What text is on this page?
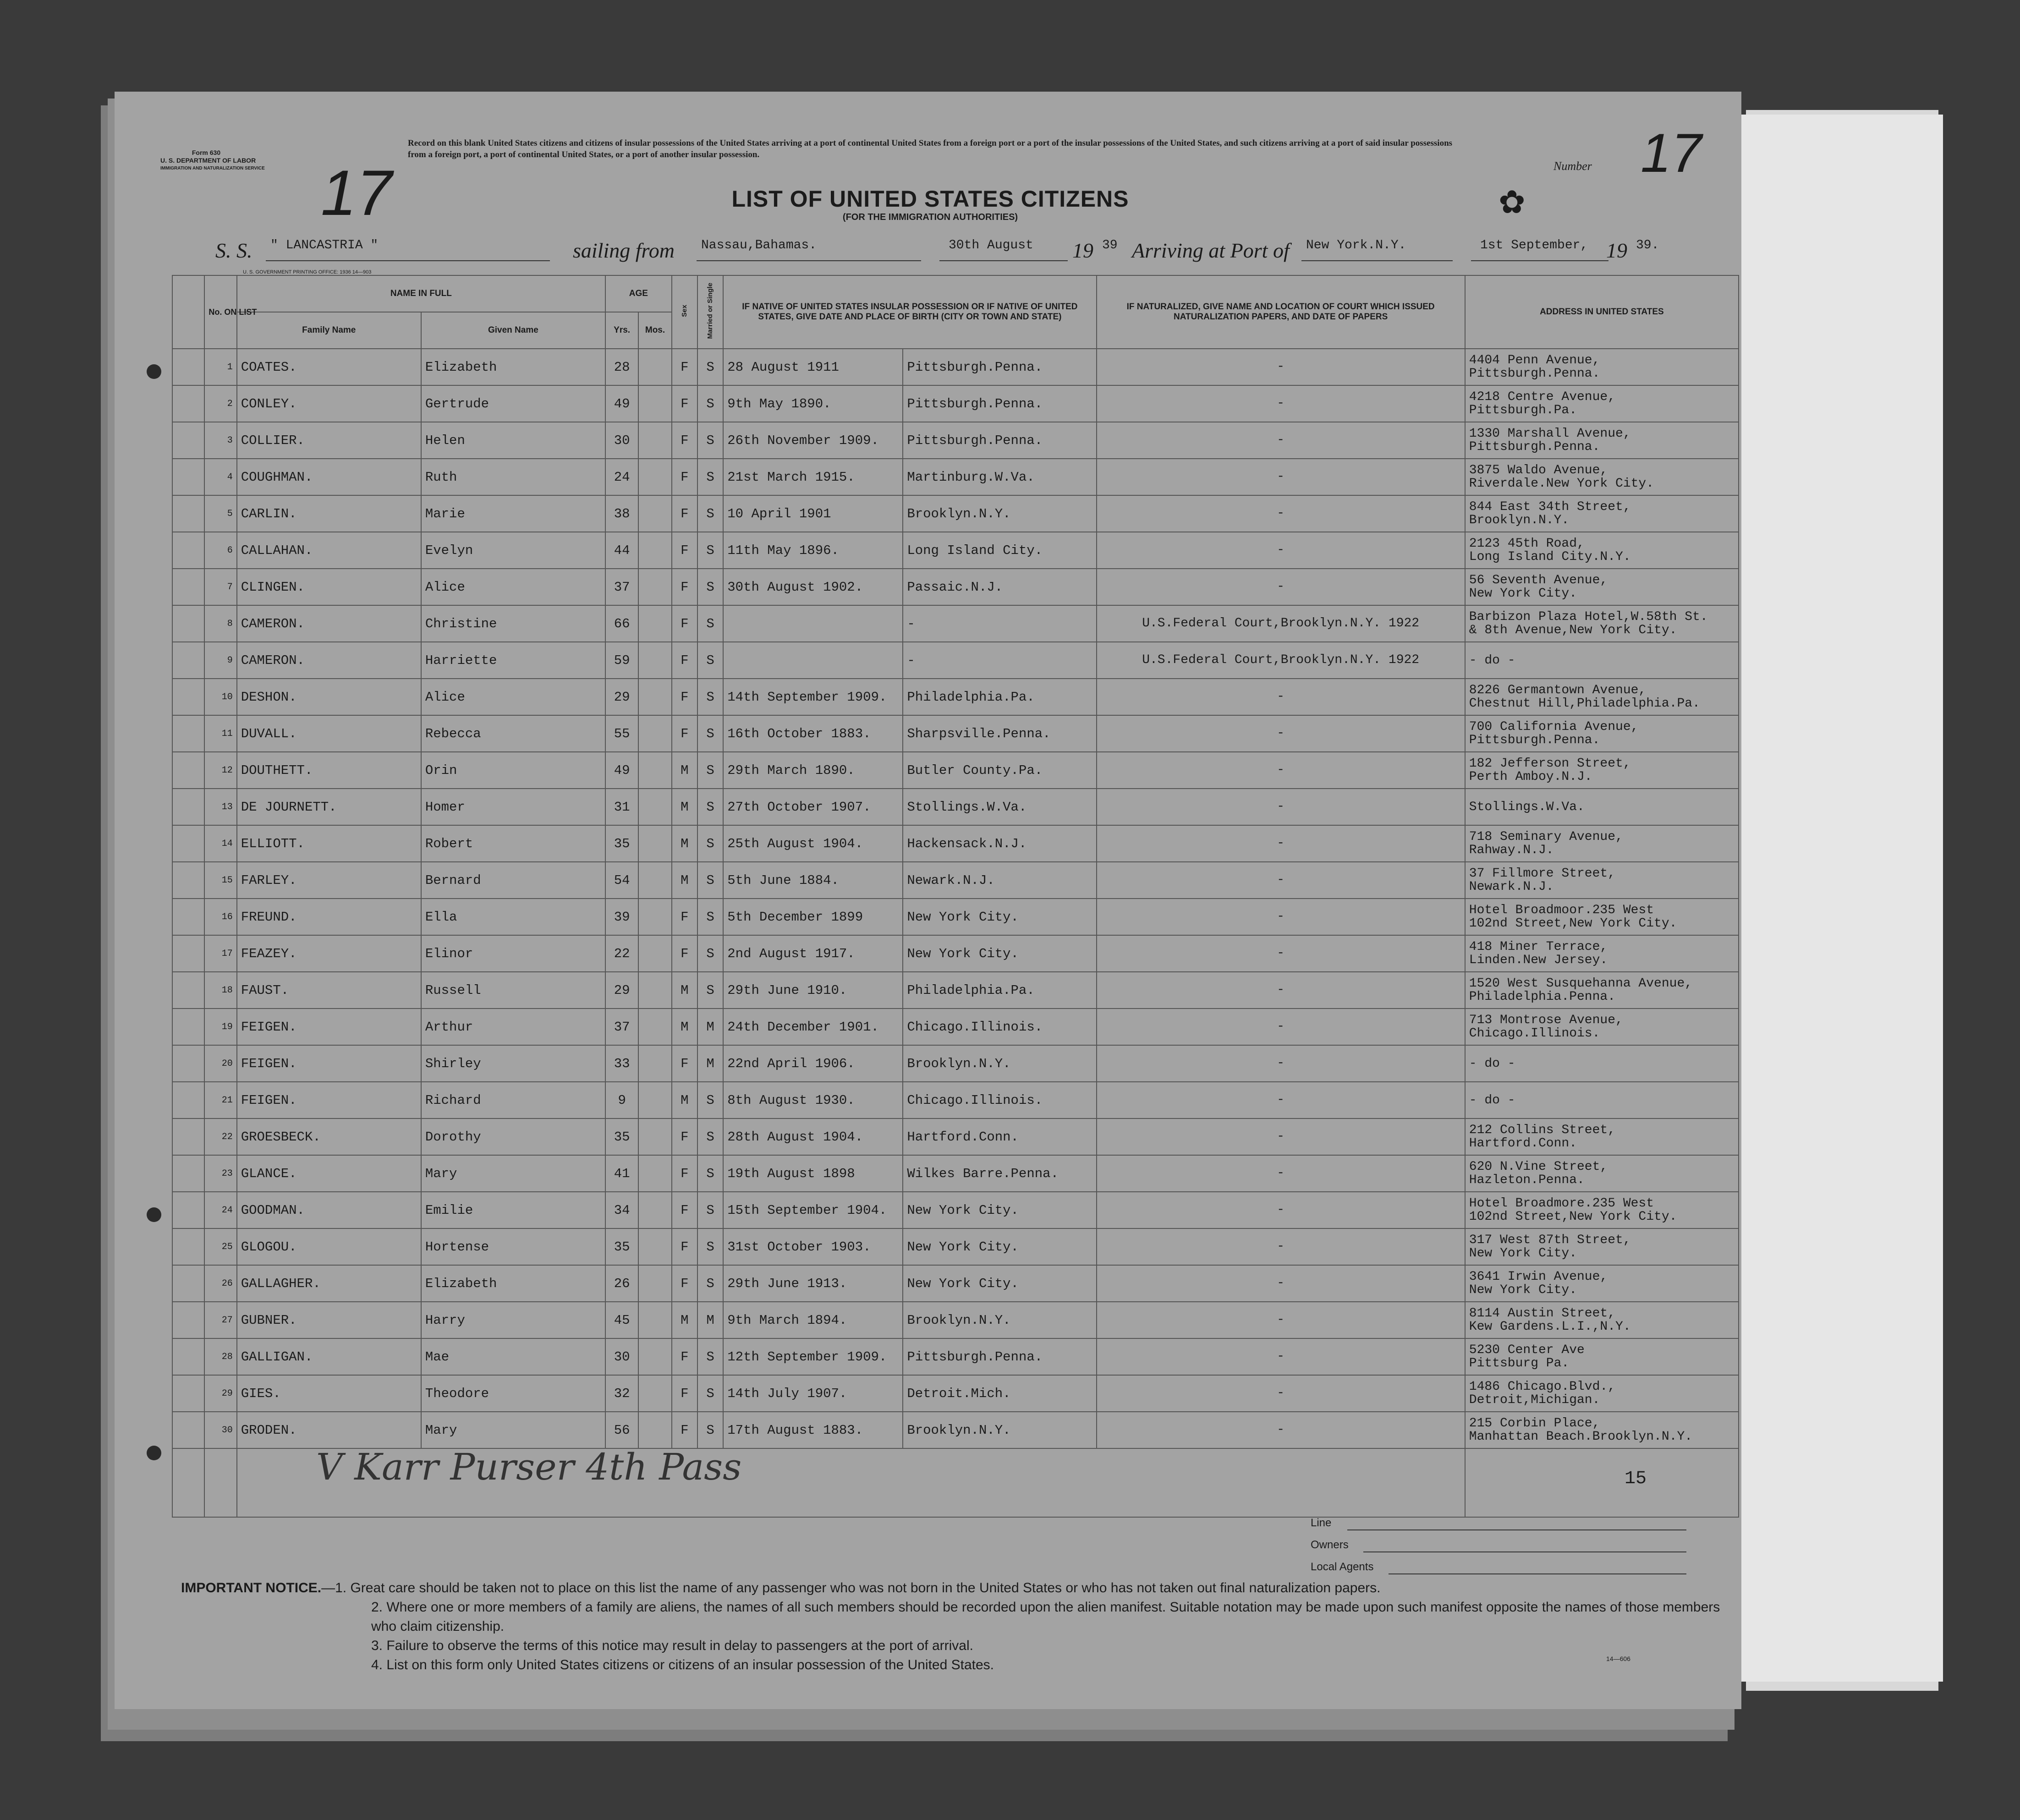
Form 630
U. S. DEPARTMENT OF LABOR
IMMIGRATION AND NATURALIZATION SERVICE
Record on this blank United States citizens and citizens of insular possessions of the United States arriving at a port of continental United States from a foreign port or a port of the insular possessions of the United States, and such citizens arriving at a port of said insular possessions from a foreign port, a port of continental United States, or a port of another insular possession.
17	Number 17
LIST OF UNITED STATES CITIZENS
(FOR THE IMMIGRATION AUTHORITIES)	✿
S. S. " LANCASTRIA "	sailing from Nassau,Bahamas.	30th August 19 39 Arriving at Port of New York.N.Y.	1st September, 19 39.
U. S. GOVERNMENT PRINTING OFFICE: 1936 14—903
	No. ON LIST	NAME IN FULL		AGE		Sex	Married or Single	IF NATIVE OF UNITED STATES INSULAR POSSESSION OR IF NATIVE OF UNITED STATES, GIVE DATE AND PLACE OF BIRTH (CITY OR TOWN AND STATE)		IF NATURALIZED, GIVE NAME AND LOCATION OF COURT WHICH ISSUED NATURALIZATION PAPERS, AND DATE OF PAPERS	ADDRESS IN UNITED STATES
		Family Name	Given Name	Yrs.	Mos.						
	1	COATES.	Elizabeth	28		F	S	28 August 1911	Pittsburgh.Penna.	-	4404 Penn Avenue,
Pittsburgh.Penna.

	2	CONLEY.	Gertrude	49		F	S	9th May 1890.	Pittsburgh.Penna.	-	4218 Centre Avenue,
Pittsburgh.Pa.

	3	COLLIER.	Helen	30		F	S	26th November 1909.	Pittsburgh.Penna.	-	1330 Marshall Avenue,
Pittsburgh.Penna.

	4	COUGHMAN.	Ruth	24		F	S	21st March 1915.	Martinburg.W.Va.	-	3875 Waldo Avenue,
Riverdale.New York City.

	5	CARLIN.	Marie	38		F	S	10 April 1901	Brooklyn.N.Y.	-	844 East 34th Street,
Brooklyn.N.Y.

	6	CALLAHAN.	Evelyn	44		F	S	11th May 1896.	Long Island City.	-	2123 45th Road,
Long Island City.N.Y.

	7	CLINGEN.	Alice	37		F	S	30th August 1902.	Passaic.N.J.	-	56 Seventh Avenue,
New York City.

	8	CAMERON.	Christine	66		F	S		-	U.S.Federal Court,Brooklyn.N.Y. 1922	Barbizon Plaza Hotel,W.58th St.
& 8th Avenue,New York City.

	9	CAMERON.	Harriette	59		F	S		-	U.S.Federal Court,Brooklyn.N.Y. 1922	- do -

	10	DESHON.	Alice	29		F	S	14th September 1909.	Philadelphia.Pa.	-	8226 Germantown Avenue,
Chestnut Hill,Philadelphia.Pa.

	11	DUVALL.	Rebecca	55		F	S	16th October 1883.	Sharpsville.Penna.	-	700 California Avenue,
Pittsburgh.Penna.

	12	DOUTHETT.	Orin	49		M	S	29th March 1890.	Butler County.Pa.	-	182 Jefferson Street,
Perth Amboy.N.J.

	13	DE JOURNETT.	Homer	31		M	S	27th October 1907.	Stollings.W.Va.	-	Stollings.W.Va.

	14	ELLIOTT.	Robert	35		M	S	25th August 1904.	Hackensack.N.J.	-	718 Seminary Avenue,
Rahway.N.J.

	15	FARLEY.	Bernard	54		M	S	5th June 1884.	Newark.N.J.	-	37 Fillmore Street,
Newark.N.J.

	16	FREUND.	Ella	39		F	S	5th December 1899	New York City.	-	Hotel Broadmoor.235 West
102nd Street,New York City.

	17	FEAZEY.	Elinor	22		F	S	2nd August 1917.	New York City.	-	418 Miner Terrace,
Linden.New Jersey.

	18	FAUST.	Russell	29		M	S	29th June 1910.	Philadelphia.Pa.	-	1520 West Susquehanna Avenue,
Philadelphia.Penna.

	19	FEIGEN.	Arthur	37		M	M	24th December 1901.	Chicago.Illinois.	-	713 Montrose Avenue,
Chicago.Illinois.

	20	FEIGEN.	Shirley	33		F	M	22nd April 1906.	Brooklyn.N.Y.	-	- do -

	21	FEIGEN.	Richard	9		M	S	8th August 1930.	Chicago.Illinois.	-	- do -

	22	GROESBECK.	Dorothy	35		F	S	28th August 1904.	Hartford.Conn.	-	212 Collins Street,
Hartford.Conn.

	23	GLANCE.	Mary	41		F	S	19th August 1898	Wilkes Barre.Penna.	-	620 N.Vine Street,
Hazleton.Penna.

	24	GOODMAN.	Emilie	34		F	S	15th September 1904.	New York City.	-	Hotel Broadmore.235 West
102nd Street,New York City.

	25	GLOGOU.	Hortense	35		F	S	31st October 1903.	New York City.	-	317 West 87th Street,
New York City.

	26	GALLAGHER.	Elizabeth	26		F	S	29th June 1913.	New York City.	-	3641 Irwin Avenue,
New York City.

	27	GUBNER.	Harry	45		M	M	9th March 1894.	Brooklyn.N.Y.	-	8114 Austin Street,
Kew Gardens.L.I.,N.Y.

	28	GALLIGAN.	Mae	30		F	S	12th September 1909.	Pittsburgh.Penna.	-	5230 Center Ave
Pittsburg Pa.

	29	GIES.	Theodore	32		F	S	14th July 1907.	Detroit.Mich.	-	1486 Chicago.Blvd.,
Detroit,Michigan.

	30	GRODEN.	Mary	56		F	S	17th August 1883.	Brooklyn.N.Y.	-	215 Corbin Place,
Manhattan Beach.Brooklyn.N.Y.

V Karr Purser 4th Pass	15
Line
Owners
Local Agents
IMPORTANT NOTICE.—1. Great care should be taken not to place on this list the name of any passenger who was not born in the United States or who has not taken out final naturalization papers.
2. Where one or more members of a family are aliens, the names of all such members should be recorded upon the alien manifest. Suitable notation may be made upon such manifest opposite the names of those members who claim citizenship.
3. Failure to observe the terms of this notice may result in delay to passengers at the port of arrival.
4. List on this form only United States citizens or citizens of an insular possession of the United States.	14—606
